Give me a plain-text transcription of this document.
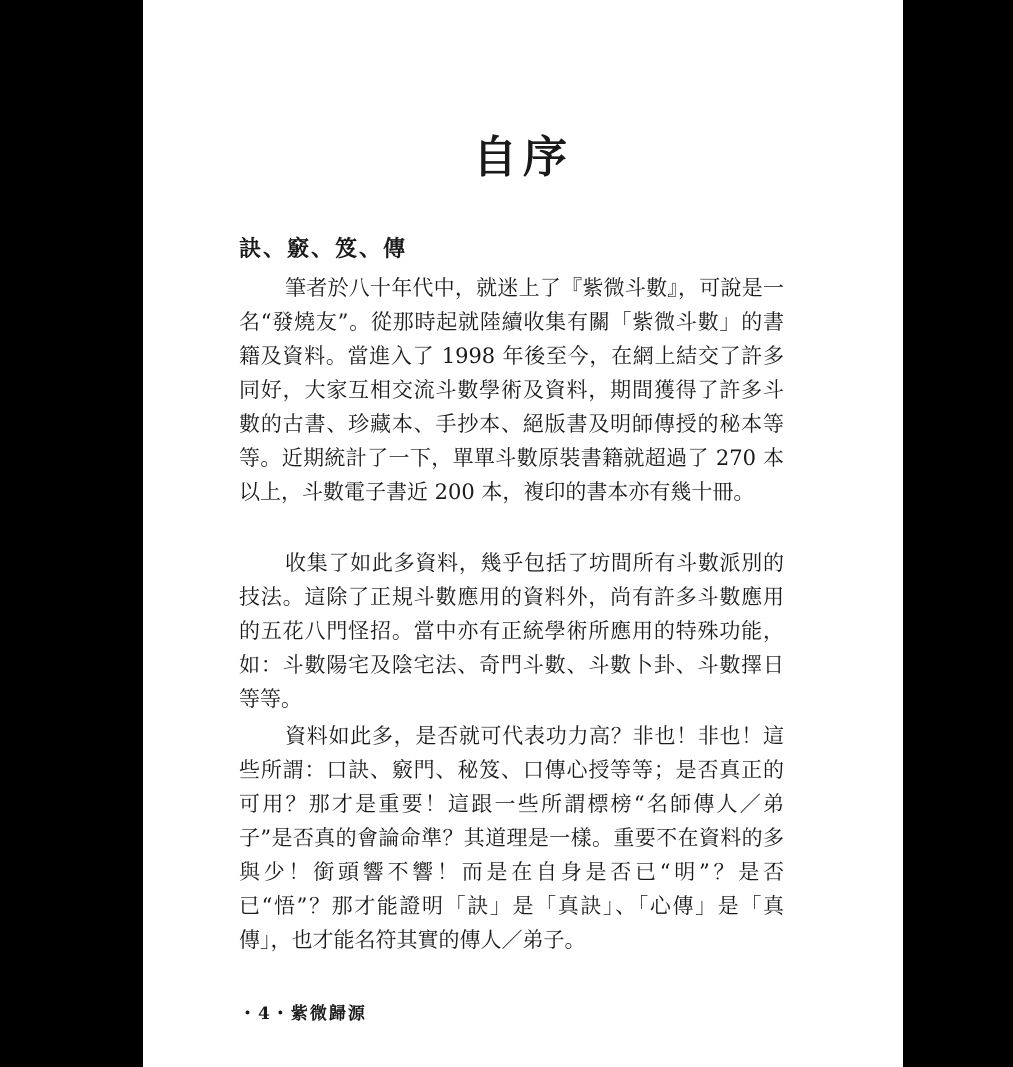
自序
訣、竅、笈、傳

筆者於八十年代中，就迷上了『紫微斗數』，可說是一名“發燒友”。從那時起就陸續收集有關「紫微斗數」的書籍及資料。當進入了 1998 年後至今，在網上結交了許多同好，大家互相交流斗數學術及資料，期間獲得了許多斗數的古書、珍藏本、手抄本、絕版書及明師傳授的秘本等等。近期統計了一下，單單斗數原裝書籍就超過了 270 本以上，斗數電子書近 200 本，複印的書本亦有幾十冊。

收集了如此多資料，幾乎包括了坊間所有斗數派別的技法。這除了正規斗數應用的資料外，尚有許多斗數應用的五花八門怪招。當中亦有正統學術所應用的特殊功能，如：斗數陽宅及陰宅法、奇門斗數、斗數卜卦、斗數擇日等等。

資料如此多，是否就可代表功力高？非也！非也！這些所謂：口訣、竅門、秘笈、口傳心授等等；是否真正的可用？那才是重要！這跟一些所謂標榜“名師傳人／弟子”是否真的會論命準？其道理是一樣。重要不在資料的多與少！銜頭響不響！而是在自身是否已“明”？是否已“悟”？那才能證明「訣」是「真訣」、「心傳」是「真傳」，也才能名符其實的傳人／弟子。

・4・紫微歸源
